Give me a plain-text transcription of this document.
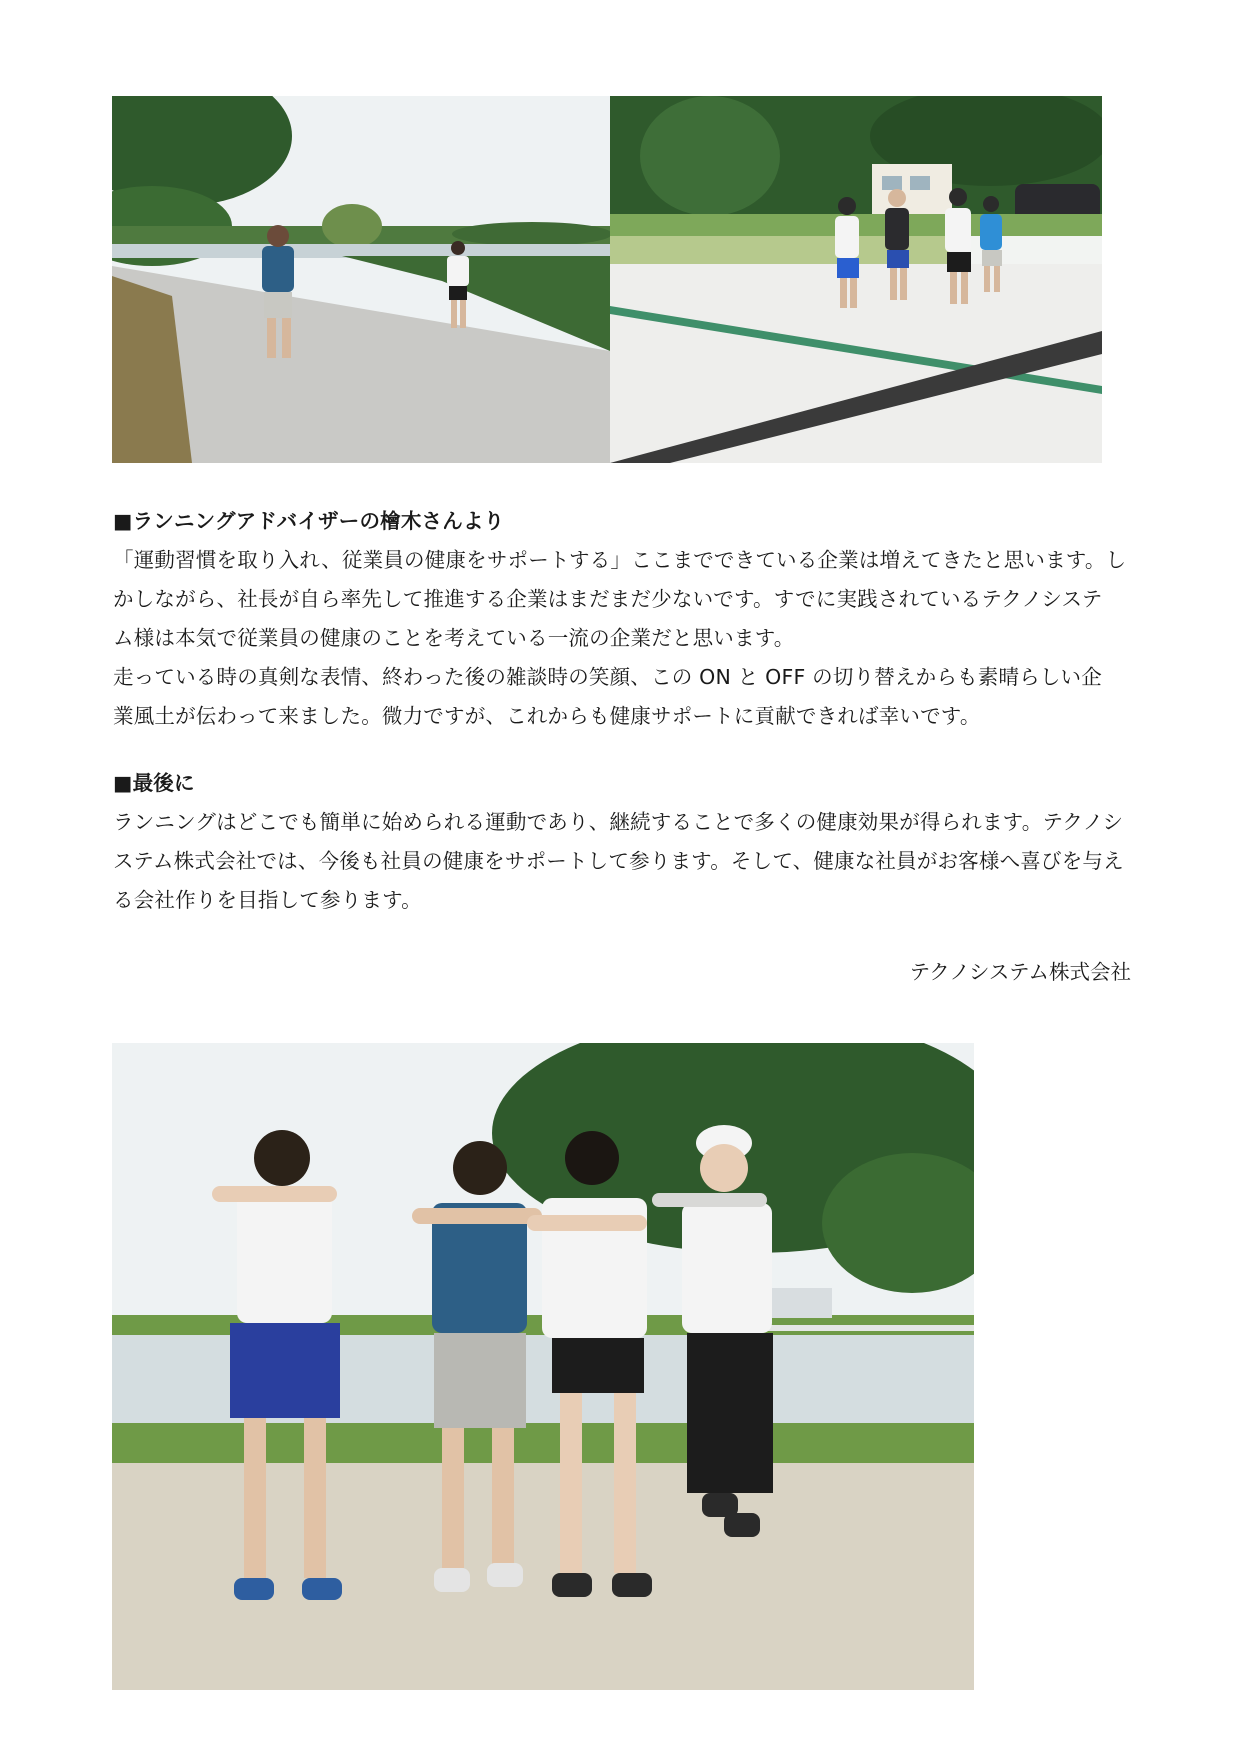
■ランニングアドバイザーの檜木さんより
「運動習慣を取り入れ、従業員の健康をサポートする」ここまでできている企業は増えてきたと思います。し
かしながら、社長が自ら率先して推進する企業はまだまだ少ないです。すでに実践されているテクノシステ
ム様は本気で従業員の健康のことを考えている一流の企業だと思います。
走っている時の真剣な表情、終わった後の雑談時の笑顔、この ON と OFF の切り替えからも素晴らしい企
業風土が伝わって来ました。微力ですが、これからも健康サポートに貢献できれば幸いです。
■最後に
ランニングはどこでも簡単に始められる運動であり、継続することで多くの健康効果が得られます。テクノシ
ステム株式会社では、今後も社員の健康をサポートして参ります。そして、健康な社員がお客様へ喜びを与え
る会社作りを目指して参ります。
テクノシステム株式会社
